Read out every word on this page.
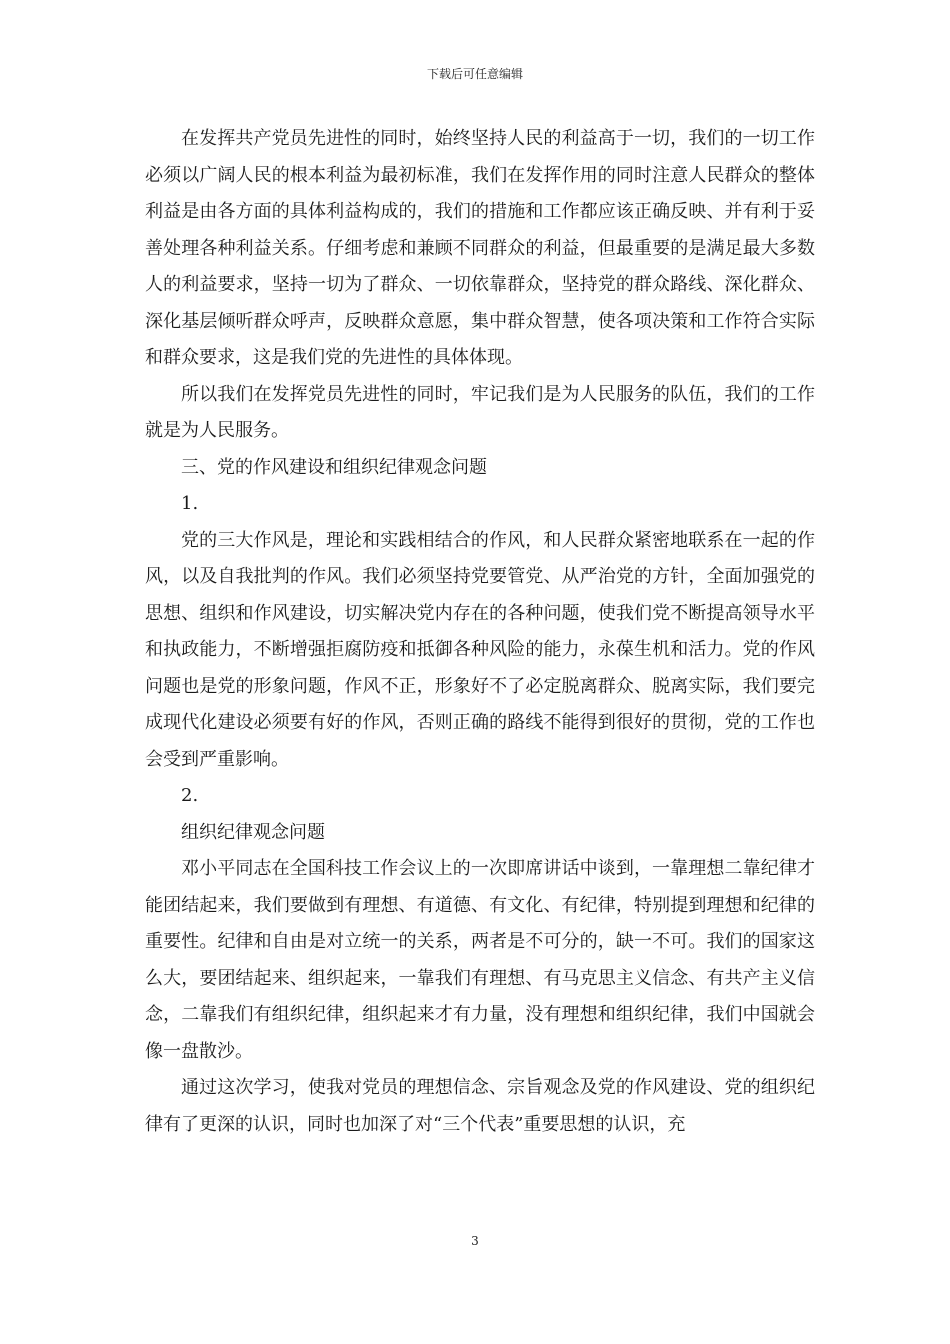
下载后可任意编辑

在发挥共产党员先进性的同时，始终坚持人民的利益高于一切，我们的一切工作必须以广阔人民的根本利益为最初标准，我们在发挥作用的同时注意人民群众的整体利益是由各方面的具体利益构成的，我们的措施和工作都应该正确反映、并有利于妥善处理各种利益关系。仔细考虑和兼顾不同群众的利益，但最重要的是满足最大多数人的利益要求，坚持一切为了群众、一切依靠群众，坚持党的群众路线、深化群众、深化基层倾听群众呼声，反映群众意愿，集中群众智慧，使各项决策和工作符合实际和群众要求，这是我们党的先进性的具体体现。

所以我们在发挥党员先进性的同时，牢记我们是为人民服务的队伍，我们的工作就是为人民服务。

三、党的作风建设和组织纪律观念问题

1.

党的三大作风是，理论和实践相结合的作风，和人民群众紧密地联系在一起的作风，以及自我批判的作风。我们必须坚持党要管党、从严治党的方针，全面加强党的思想、组织和作风建设，切实解决党内存在的各种问题，使我们党不断提高领导水平和执政能力，不断增强拒腐防疫和抵御各种风险的能力，永葆生机和活力。党的作风问题也是党的形象问题，作风不正，形象好不了必定脱离群众、脱离实际，我们要完成现代化建设必须要有好的作风，否则正确的路线不能得到很好的贯彻，党的工作也会受到严重影响。

2.

组织纪律观念问题

邓小平同志在全国科技工作会议上的一次即席讲话中谈到，一靠理想二靠纪律才能团结起来，我们要做到有理想、有道德、有文化、有纪律，特别提到理想和纪律的重要性。纪律和自由是对立统一的关系，两者是不可分的，缺一不可。我们的国家这么大，要团结起来、组织起来，一靠我们有理想、有马克思主义信念、有共产主义信念，二靠我们有组织纪律，组织起来才有力量，没有理想和组织纪律，我们中国就会像一盘散沙。

通过这次学习，使我对党员的理想信念、宗旨观念及党的作风建设、党的组织纪律有了更深的认识，同时也加深了对“三个代表”重要思想的认识，充

3
